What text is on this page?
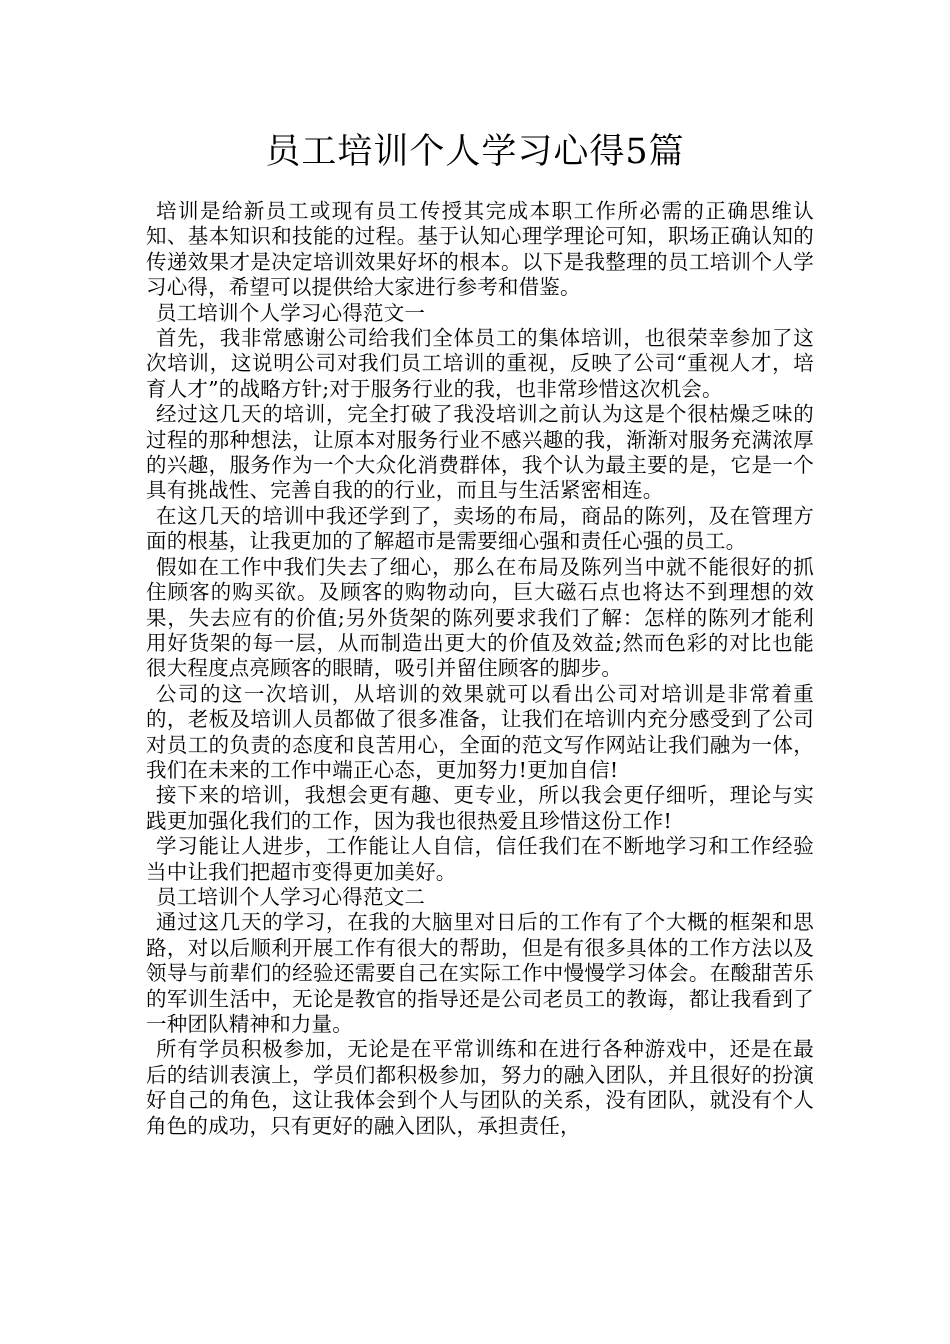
员工培训个人学习心得5篇

培训是给新员工或现有员工传授其完成本职工作所必需的正确思维认知、基本知识和技能的过程。基于认知心理学理论可知，职场正确认知的传递效果才是决定培训效果好坏的根本。以下是我整理的员工培训个人学习心得，希望可以提供给大家进行参考和借鉴。

员工培训个人学习心得范文一

首先，我非常感谢公司给我们全体员工的集体培训，也很荣幸参加了这次培训，这说明公司对我们员工培训的重视，反映了公司“重视人才，培育人才”的战略方针;对于服务行业的我，也非常珍惜这次机会。

经过这几天的培训，完全打破了我没培训之前认为这是个很枯燥乏味的过程的那种想法，让原本对服务行业不感兴趣的我，渐渐对服务充满浓厚的兴趣，服务作为一个大众化消费群体，我个认为最主要的是，它是一个具有挑战性、完善自我的的行业，而且与生活紧密相连。

在这几天的培训中我还学到了，卖场的布局，商品的陈列，及在管理方面的根基，让我更加的了解超市是需要细心强和责任心强的员工。

假如在工作中我们失去了细心，那么在布局及陈列当中就不能很好的抓住顾客的购买欲。及顾客的购物动向，巨大磁石点也将达不到理想的效果，失去应有的价值;另外货架的陈列要求我们了解：怎样的陈列才能利用好货架的每一层，从而制造出更大的价值及效益;然而色彩的对比也能很大程度点亮顾客的眼睛，吸引并留住顾客的脚步。

公司的这一次培训，从培训的效果就可以看出公司对培训是非常着重的，老板及培训人员都做了很多准备，让我们在培训内充分感受到了公司对员工的负责的态度和良苦用心，全面的范文写作网站让我们融为一体，我们在未来的工作中端正心态，更加努力!更加自信!

接下来的培训，我想会更有趣、更专业，所以我会更仔细听，理论与实践更加强化我们的工作，因为我也很热爱且珍惜这份工作!

学习能让人进步，工作能让人自信，信任我们在不断地学习和工作经验当中让我们把超市变得更加美好。

员工培训个人学习心得范文二

通过这几天的学习，在我的大脑里对日后的工作有了个大概的框架和思路，对以后顺利开展工作有很大的帮助，但是有很多具体的工作方法以及领导与前辈们的经验还需要自己在实际工作中慢慢学习体会。在酸甜苦乐的军训生活中，无论是教官的指导还是公司老员工的教诲，都让我看到了一种团队精神和力量。

所有学员积极参加，无论是在平常训练和在进行各种游戏中，还是在最后的结训表演上，学员们都积极参加，努力的融入团队，并且很好的扮演好自己的角色，这让我体会到个人与团队的关系，没有团队，就没有个人角色的成功，只有更好的融入团队，承担责任，
